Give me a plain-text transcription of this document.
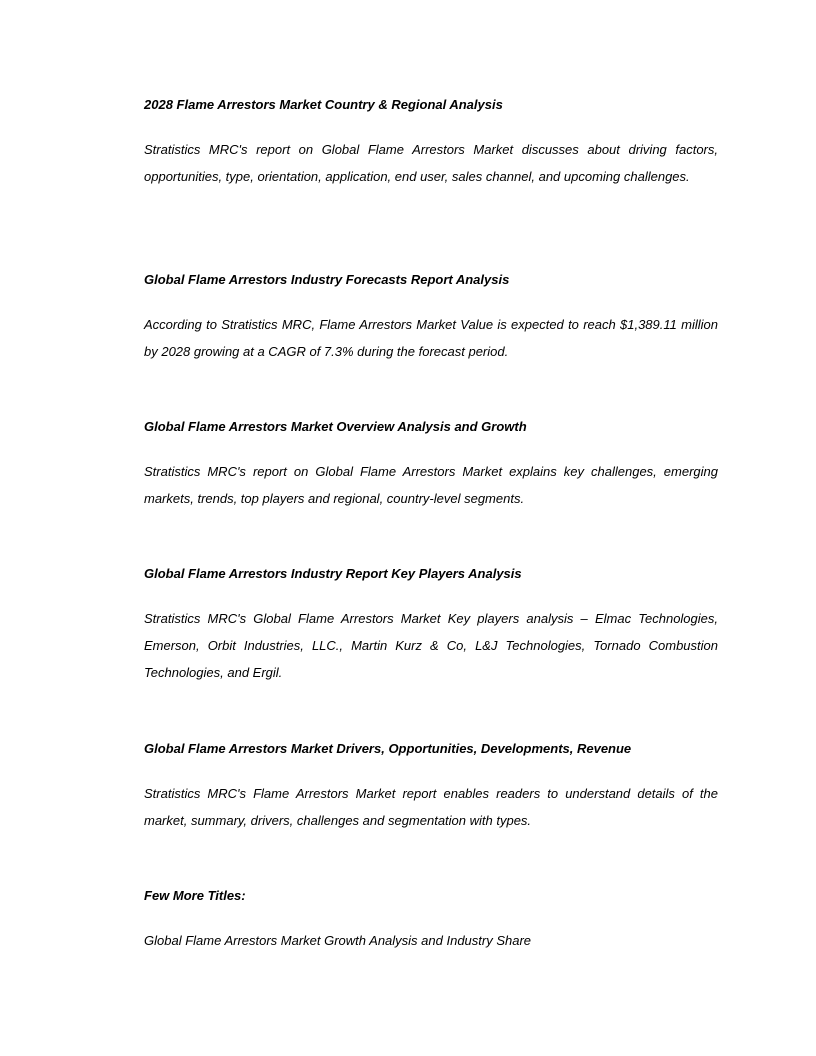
2028 Flame Arrestors Market Country & Regional Analysis

Stratistics MRC's report on Global Flame Arrestors Market discusses about driving factors, opportunities, type, orientation, application, end user, sales channel, and upcoming challenges.

Global Flame Arrestors Industry Forecasts Report Analysis

According to Stratistics MRC, Flame Arrestors Market Value is expected to reach $1,389.11 million by 2028 growing at a CAGR of 7.3% during the forecast period.

Global Flame Arrestors Market Overview Analysis and Growth

Stratistics MRC's report on Global Flame Arrestors Market explains key challenges, emerging markets, trends, top players and regional, country-level segments.

Global Flame Arrestors Industry Report Key Players Analysis

Stratistics MRC's Global Flame Arrestors Market Key players analysis – Elmac Technologies, Emerson, Orbit Industries, LLC., Martin Kurz & Co, L&J Technologies, Tornado Combustion Technologies, and Ergil.

Global Flame Arrestors Market Drivers, Opportunities, Developments, Revenue

Stratistics MRC's Flame Arrestors Market report enables readers to understand details of the market, summary, drivers, challenges and segmentation with types.

Few More Titles:

Global Flame Arrestors Market Growth Analysis and Industry Share
